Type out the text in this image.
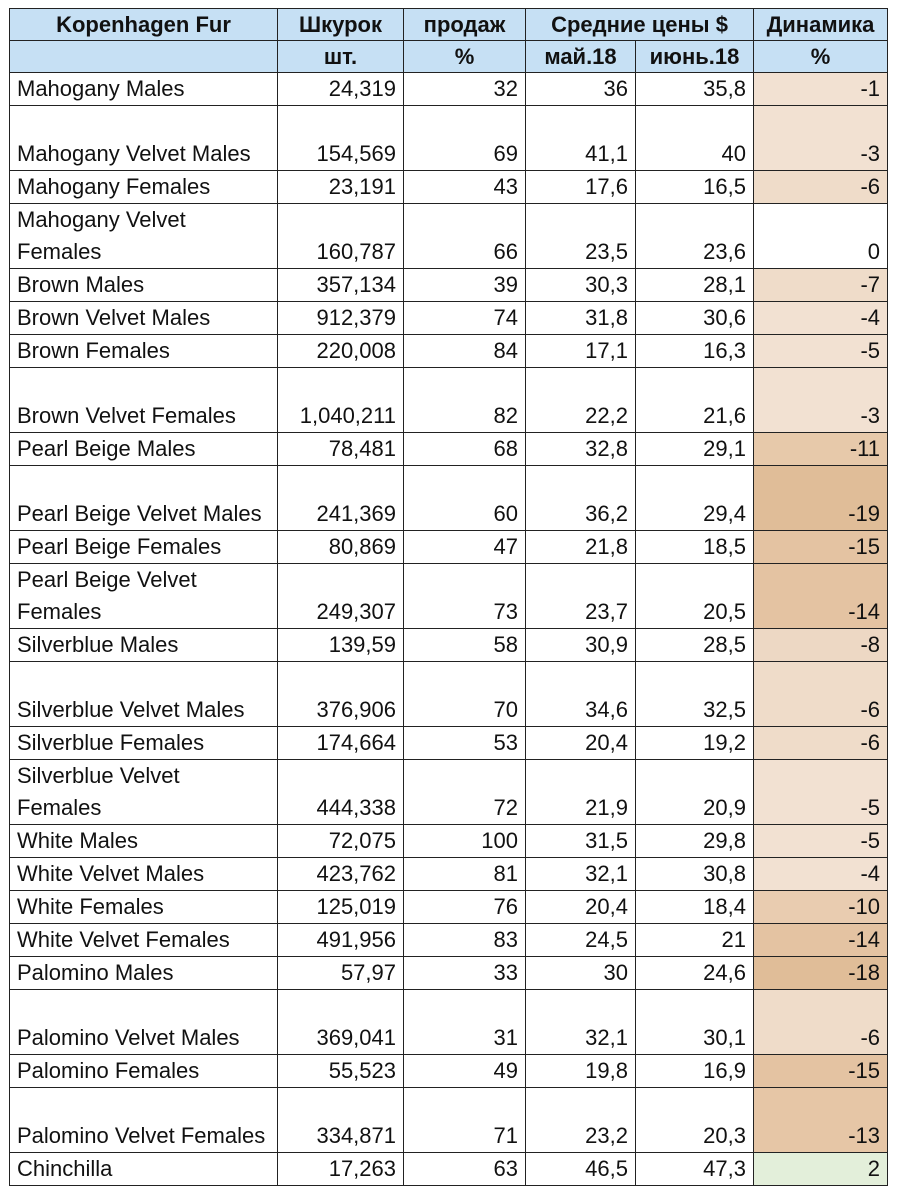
Kopenhagen Fur	Шкурок	продаж	Средние цены $		Динамика
	шт.	%	май.18	июнь.18	%
Mahogany Males	24,319	32	36	35,8	-1
Mahogany Velvet Males	154,569	69	41,1	40	-3
Mahogany Females	23,191	43	17,6	16,5	-6
Mahogany Velvet Females	160,787	66	23,5	23,6	0
Brown Males	357,134	39	30,3	28,1	-7
Brown Velvet Males	912,379	74	31,8	30,6	-4
Brown Females	220,008	84	17,1	16,3	-5
Brown Velvet Females	1,040,211	82	22,2	21,6	-3
Pearl Beige Males	78,481	68	32,8	29,1	-11
Pearl Beige Velvet Males	241,369	60	36,2	29,4	-19
Pearl Beige Females	80,869	47	21,8	18,5	-15
Pearl Beige Velvet Females	249,307	73	23,7	20,5	-14
Silverblue Males	139,59	58	30,9	28,5	-8
Silverblue Velvet Males	376,906	70	34,6	32,5	-6
Silverblue Females	174,664	53	20,4	19,2	-6
Silverblue Velvet Females	444,338	72	21,9	20,9	-5
White Males	72,075	100	31,5	29,8	-5
White Velvet Males	423,762	81	32,1	30,8	-4
White Females	125,019	76	20,4	18,4	-10
White Velvet Females	491,956	83	24,5	21	-14
Palomino Males	57,97	33	30	24,6	-18
Palomino Velvet Males	369,041	31	32,1	30,1	-6
Palomino Females	55,523	49	19,8	16,9	-15
Palomino Velvet Females	334,871	71	23,2	20,3	-13
Chinchilla	17,263	63	46,5	47,3	2
